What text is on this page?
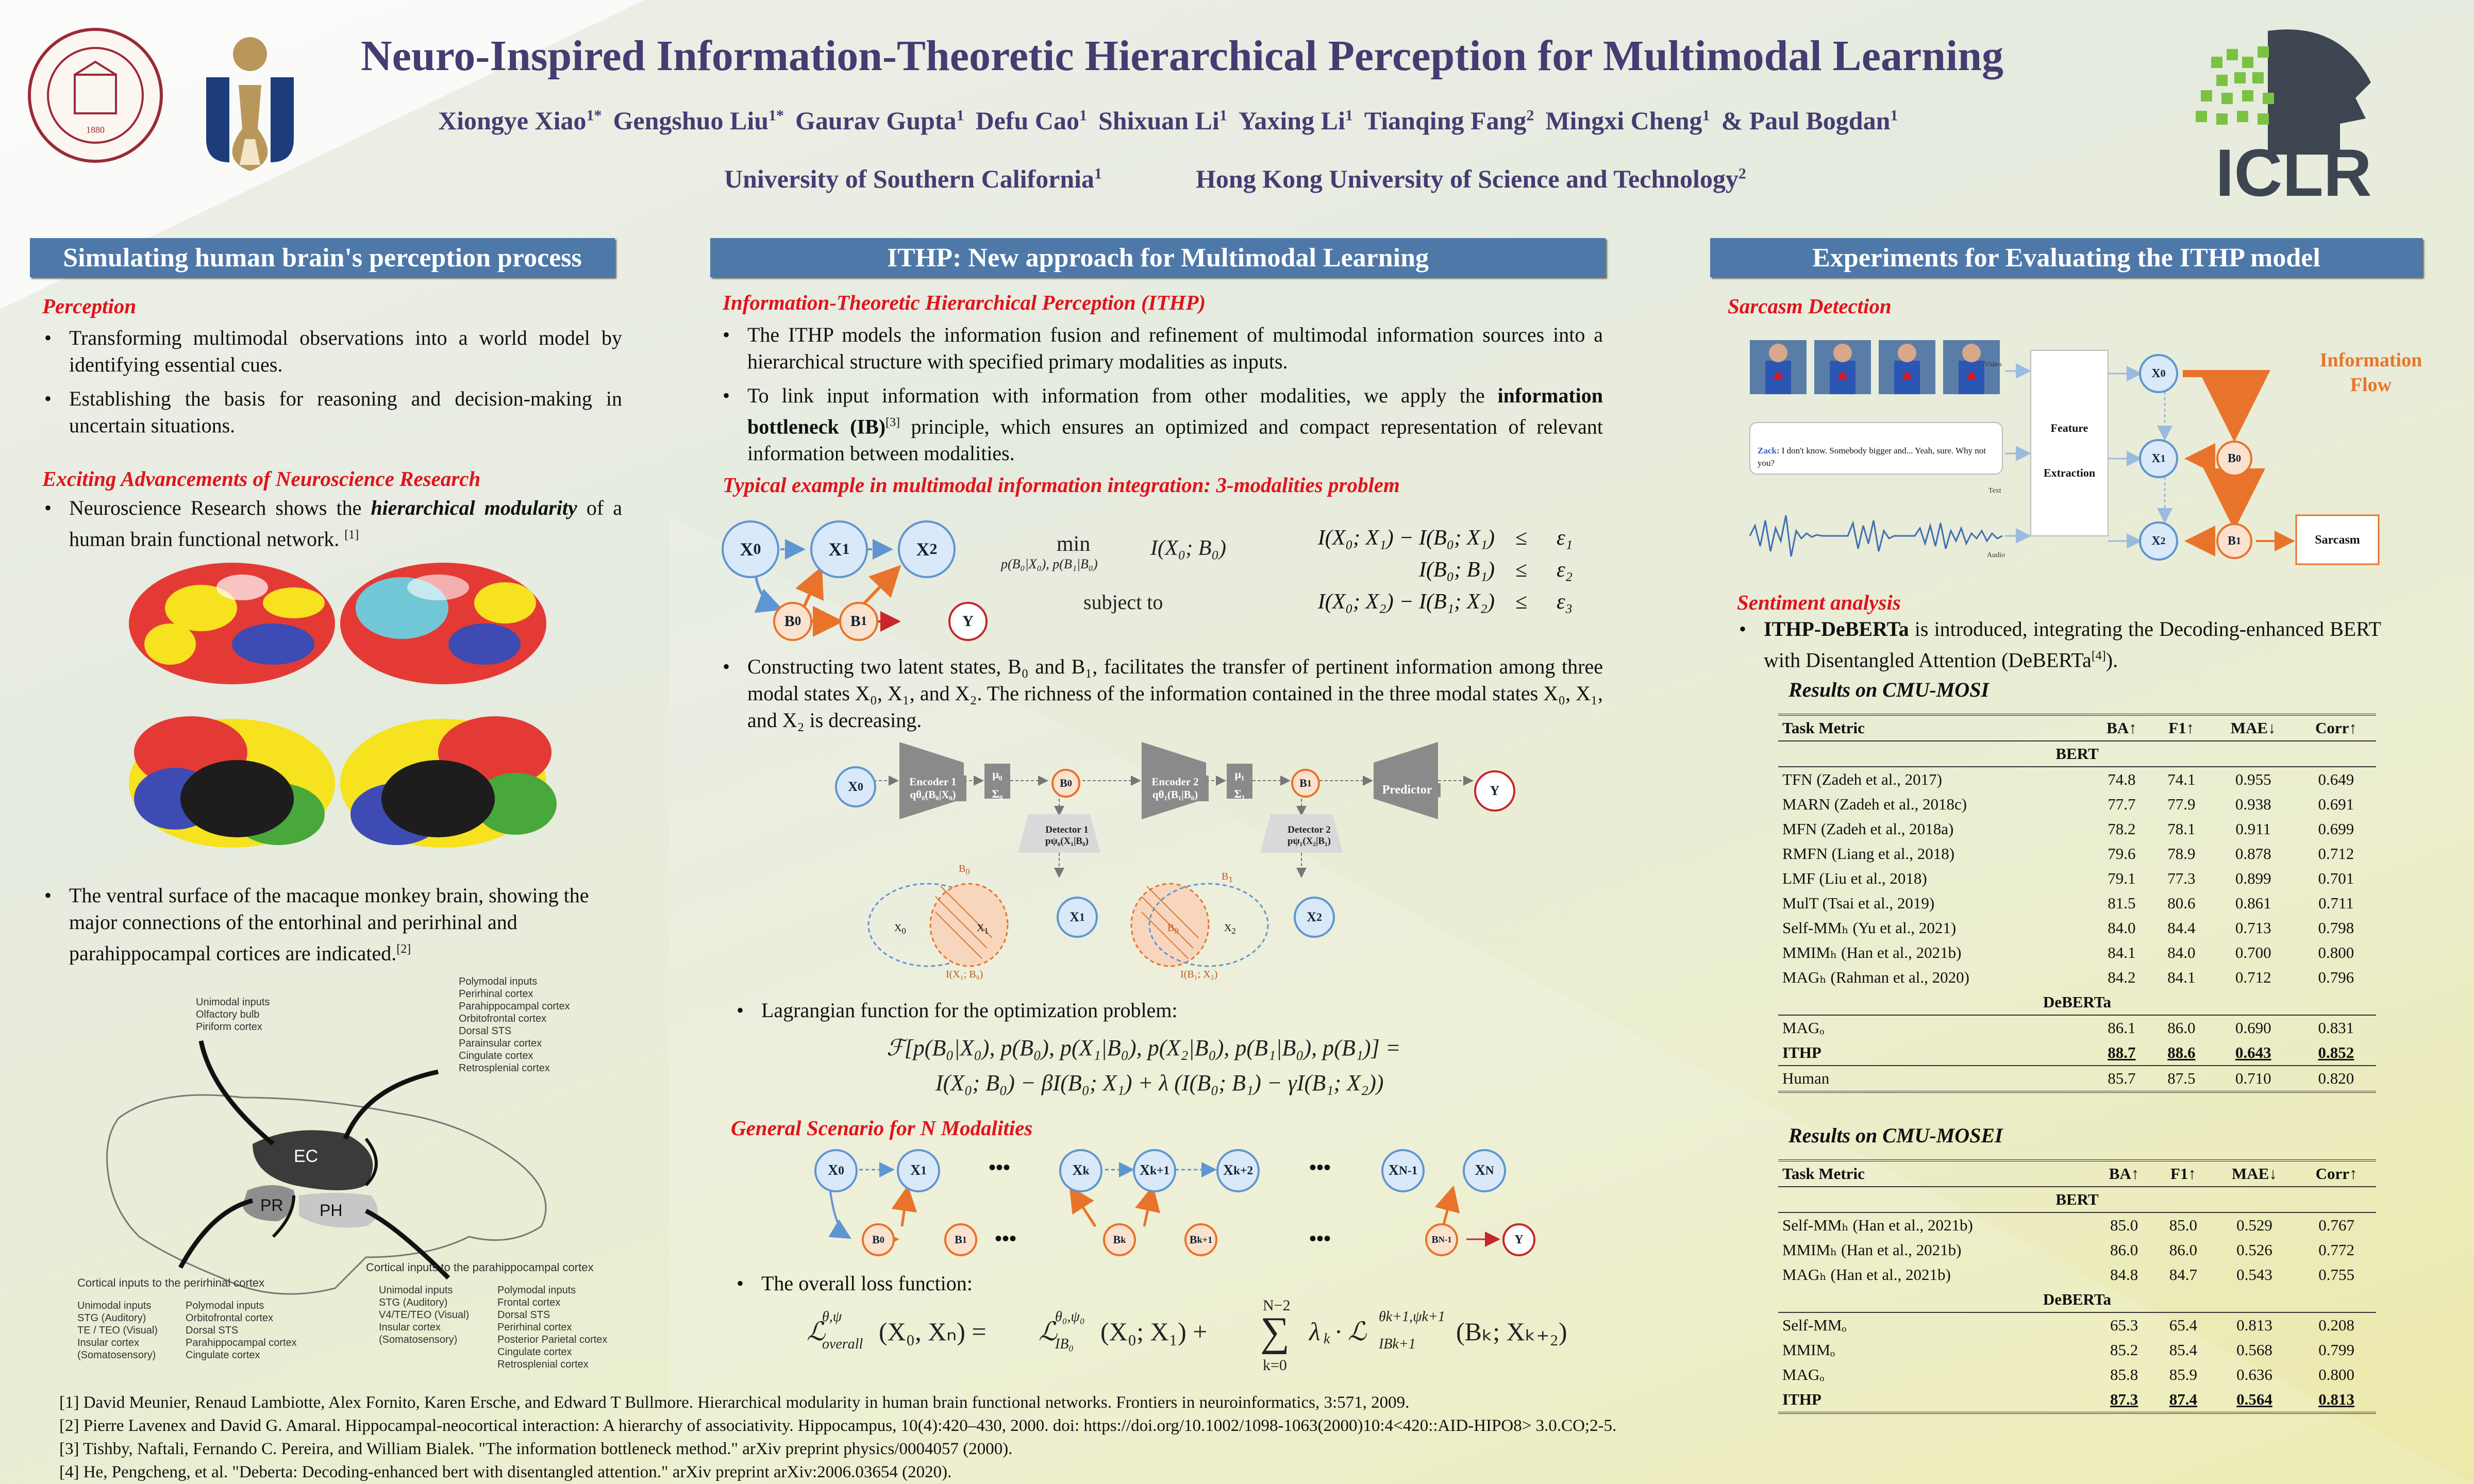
1880
Neuro-Inspired Information-Theoretic Hierarchical Perception for Multimodal Learning
Xiongye Xiao$^{1*}$ Gengshuo Liu$^{1*}$ Gaurav Gupta$^1$ Defu Cao$^1$ Shixuan Li$^1$ Yaxing Li$^1$ Tianqing Fang$^2$ Mingxi Cheng$^1$ & Paul Bogdan$^1$
University of Southern California$^1$	Hong Kong University of Science and Technology$^2$	ICLR
Simulating human brain's perception process
Perception
• Transforming multimodal observations into a world model by identifying essential cues.
• Establishing the basis for reasoning and decision-making in uncertain situations.
Exciting Advancements of Neuroscience Research
• Neuroscience Research shows the hierarchical modularity of a human brain functional network. [1]
• The ventral surface of the macaque monkey brain, showing the major connections of the entorhinal and perirhinal and parahippocampal cortices are indicated.[2]
EC
PR PH
Unimodal inputs
Olfactory bulb
Piriform cortex
Polymodal inputs
Perirhinal cortex
Parahippocampal cortex
Orbitofrontal cortex
Dorsal STS
Parainsular cortex
Cingulate cortex
Retrosplenial cortex
Cortical inputs to the perirhinal cortex
Unimodal inputs
STG (Auditory)
TE / TEO (Visual)
Insular cortex
(Somatosensory)
Polymodal inputs
Orbitofrontal cortex
Dorsal STS
Parahippocampal cortex
Cingulate cortex
Cortical inputs to the parahippocampal cortex
Unimodal inputs
STG (Auditory)
V4/TE/TEO (Visual)
Insular cortex
(Somatosensory)
Polymodal inputs
Frontal cortex
Dorsal STS
Perirhinal cortex
Posterior Parietal cortex
Cingulate cortex
Retrosplenial cortex
ITHP: New approach for Multimodal Learning
Information-Theoretic Hierarchical Perception (ITHP)
• The ITHP models the information fusion and refinement of multimodal information sources into a hierarchical structure with specified primary modalities as inputs.
• To link input information with information from other modalities, we apply the information bottleneck (IB)[3] principle, which ensures an optimized and compact representation of relevant information between modalities.
Typical example in multimodal information integration: 3-modalities problem
X 0	X 1	X 2
B 0	B 1	Y
min
p(B₀|X₀), p(B₁|B₀)
I(X₀; B₀)
subject to
I(X₀; X₁) − I(B₀; X₁) ≤ ε₁
I(B₀; B₁) ≤ ε₂
I(X₀; X₂) − I(B₁; X₂) ≤ ε₃
• Constructing two latent states, B₀ and B₁, facilitates the transfer of pertinent information among three modal states X₀, X₁, and X₂. The richness of the information contained in the three modal states X₀, X₁, and X₂ is decreasing.
X 0	Encoder 1
qθ₀(B₀|X₀)
μ₀
Σ₀
B 0	Encoder 2
qθ₁(B₁|B₀)
μ₁
Σ₁
B 1
Predictor	Y
Detector 1
pψ₀(X₁|B₀)
Detector 2
pψ₁(X₂|B₁)
X 1	X 2
$X_0$	$X_1$
$B_0$
I(X₁; B₀)
$B_0$	$X_2$
$B_1$
I(B₁; X₂)
• Lagrangian function for the optimization problem:
ℱ[p(B₀|X₀), p(B₀), p(X₁|B₀), p(X₂|B₀), p(B₁|B₀), p(B₁)] =
I(X₀; B₀) − βI(B₀; X₁) + λ (I(B₀; B₁) − γI(B₁; X₂))
General Scenario for N Modalities
X 0	X 1	•••	X k	X k+1	X k+2	•••	X N-1	X N
B 0	B 1 •••	B k	B k+1	•••	B N-1	Y
• The overall loss function:
ℒ
θ,ψ
overall (X₀, Xₙ) = ℒ
θ₀,ψ₀
IB₀ (X₀; X₁) +
N−2
∑
k=0
λ k · ℒ
θk+1,ψk+1
IBk+1 (Bₖ; Xₖ₊₂)
Experiments for Evaluating the ITHP model
Sarcasm Detection
Video
Text
Audio
Zack: I don't know. Somebody bigger and... Yeah, sure. Why not you?
Feature
Extraction
X 0
X 1
X 2
B 0
B 1	Sarcasm
Information
Flow
Sentiment analysis
• ITHP-DeBERTa is introduced, integrating the Decoding-enhanced BERT with Disentangled Attention (DeBERTa[4]).
Results on CMU-MOSI
Task Metric	BA↑	F1↑	MAE↓	Corr↑
BERT				
TFN (Zadeh et al., 2017)	74.8	74.1	0.955	0.649
MARN (Zadeh et al., 2018c)	77.7	77.9	0.938	0.691
MFN (Zadeh et al., 2018a)	78.2	78.1	0.911	0.699
RMFN (Liang et al., 2018)	79.6	78.9	0.878	0.712
LMF (Liu et al., 2018)	79.1	77.3	0.899	0.701
MulT (Tsai et al., 2019)	81.5	80.6	0.861	0.711
Self-MMₕ (Yu et al., 2021)	84.0	84.4	0.713	0.798
MMIMₕ (Han et al., 2021b)	84.1	84.0	0.700	0.800
MAGₕ (Rahman et al., 2020)	84.2	84.1	0.712	0.796
DeBERTa				
MAGₒ	86.1	86.0	0.690	0.831
ITHP	88.7	88.6	0.643	0.852
Human	85.7	87.5	0.710	0.820
Results on CMU-MOSEI
Task Metric	BA↑	F1↑	MAE↓	Corr↑
BERT				
Self-MMₕ (Han et al., 2021b)	85.0	85.0	0.529	0.767
MMIMₕ (Han et al., 2021b)	86.0	86.0	0.526	0.772
MAGₕ (Han et al., 2021b)	84.8	84.7	0.543	0.755
DeBERTa				
Self-MMₒ	65.3	65.4	0.813	0.208
MMIMₒ	85.2	85.4	0.568	0.799
MAGₒ	85.8	85.9	0.636	0.800
ITHP	87.3	87.4	0.564	0.813
[1] David Meunier, Renaud Lambiotte, Alex Fornito, Karen Ersche, and Edward T Bullmore. Hierarchical modularity in human brain functional networks. Frontiers in neuroinformatics, 3:571, 2009.
[2] Pierre Lavenex and David G. Amaral. Hippocampal-neocortical interaction: A hierarchy of associativity. Hippocampus, 10(4):420–430, 2000. doi: https://doi.org/10.1002/1098-1063(2000)10:4<420::AID-HIPO8> 3.0.CO;2-5.
[3] Tishby, Naftali, Fernando C. Pereira, and William Bialek. "The information bottleneck method." arXiv preprint physics/0004057 (2000).
[4] He, Pengcheng, et al. "Deberta: Decoding-enhanced bert with disentangled attention." arXiv preprint arXiv:2006.03654 (2020).
